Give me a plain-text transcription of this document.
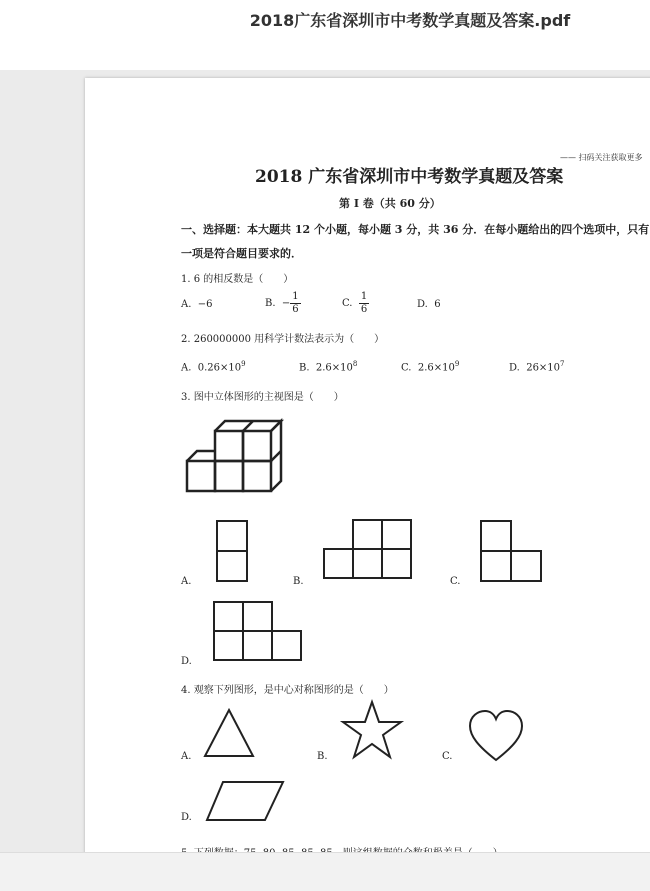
2018广东省深圳市中考数学真题及答案.pdf
—— 扫码关注获取更多
2018 广东省深圳市中考数学真题及答案
第 I 卷（共 60 分）
一、选择题：本大题共 12 个小题，每小题 3 分，共 36 分．在每小题给出的四个选项中，只有
一项是符合题目要求的．
1. 6 的相反数是（　　）
A. −6	B. − $\frac{1}{6}$	C. $\frac{1}{6}$	D. 6
2. 260000000 用科学计数法表示为（　　）
A. $0.26\times 10^9$	B. $2.6\times 10^8$	C. $2.6\times 10^9$	D. $26\times 10^7$
3. 图中立体图形的主视图是（　　）
A.	B.	C.
D.
4. 观察下列图形，是中心对称图形的是（　　）
A.	B.	C.
D.
